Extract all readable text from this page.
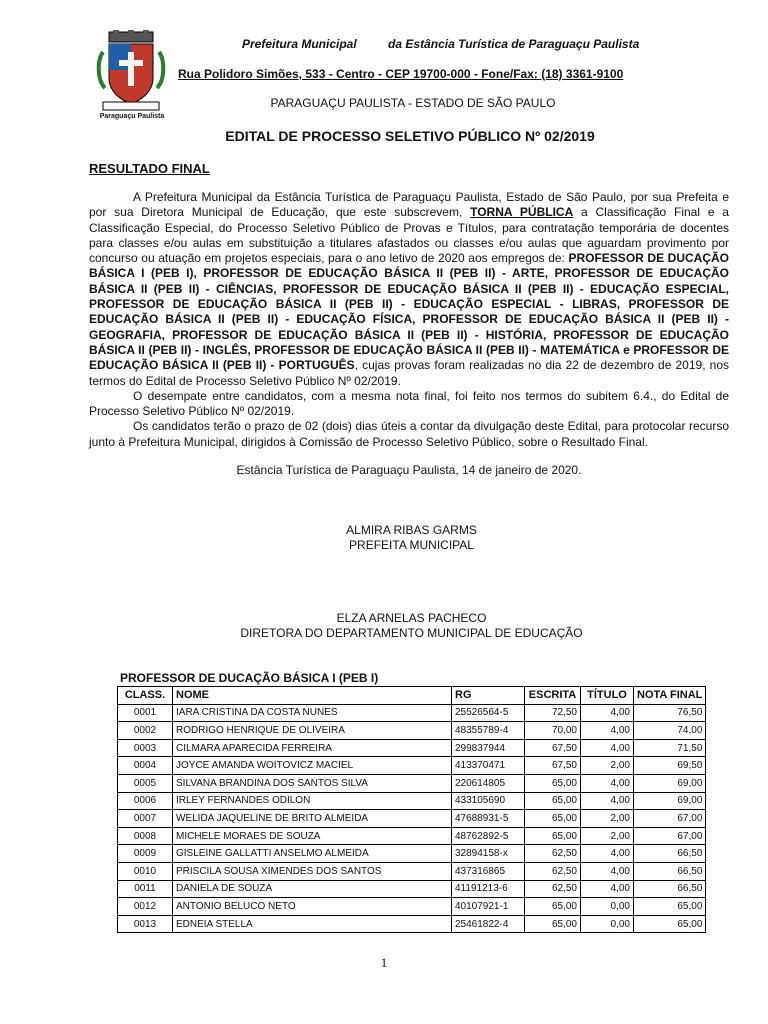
Paraguaçu Paulista
Prefeitura Municipal	da Estância Turística de Paraguaçu Paulista
Rua Polidoro Simões, 533 - Centro - CEP 19700-000 - Fone/Fax: (18) 3361-9100
PARAGUAÇU PAULISTA - ESTADO DE SÃO PAULO
EDITAL DE PROCESSO SELETIVO PÚBLICO Nº 02/2019
RESULTADO FINAL

A Prefeitura Municipal da Estância Turística de Paraguaçu Paulista, Estado de São Paulo, por sua Prefeita e por sua Diretora Municipal de Educação, que este subscrevem, TORNA PÚBLICA a Classificação Final e a Classificação Especial, do Processo Seletivo Público de Provas e Títulos, para contratação temporária de docentes para classes e/ou aulas em substituição a titulares afastados ou classes e/ou aulas que aguardam provimento por concurso ou atuação em projetos especiais, para o ano letivo de 2020 aos empregos de: PROFESSOR DE DUCAÇÃO BÁSICA I (PEB I), PROFESSOR DE EDUCAÇÃO BÁSICA II (PEB II) - ARTE, PROFESSOR DE EDUCAÇÃO BÁSICA II (PEB II) - CIÊNCIAS, PROFESSOR DE EDUCAÇÃO BÁSICA II (PEB II) - EDUCAÇÃO ESPECIAL, PROFESSOR DE EDUCAÇÃO BÁSICA II (PEB II) - EDUCAÇÃO ESPECIAL - LIBRAS, PROFESSOR DE EDUCAÇÃO BÁSICA II (PEB II) - EDUCAÇÃO FÍSICA, PROFESSOR DE EDUCAÇÃO BÁSICA II (PEB II) - GEOGRAFIA, PROFESSOR DE EDUCAÇÃO BÁSICA II (PEB II) - HISTÓRIA, PROFESSOR DE EDUCAÇÃO BÁSICA II (PEB II) - INGLÊS, PROFESSOR DE EDUCAÇÃO BÁSICA II (PEB II) - MATEMÁTICA e PROFESSOR DE EDUCAÇÃO BÁSICA II (PEB II) - PORTUGUÊS, cujas provas foram realizadas no dia 22 de dezembro de 2019, nos termos do Edital de Processo Seletivo Público Nº 02/2019.

O desempate entre candidatos, com a mesma nota final, foi feito nos termos do subitem 6.4., do Edital de Processo Seletivo Público Nº 02/2019.

Os candidatos terão o prazo de 02 (dois) dias úteis a contar da divulgação deste Edital, para protocolar recurso junto à Prefeitura Municipal, dirigidos à Comissão de Processo Seletivo Público, sobre o Resultado Final.

Estância Turística de Paraguaçu Paulista, 14 de janeiro de 2020.
ALMIRA RIBAS GARMS
PREFEITA MUNICIPAL
ELZA ARNELAS PACHECO
DIRETORA DO DEPARTAMENTO MUNICIPAL DE EDUCAÇÃO
PROFESSOR DE DUCAÇÃO BÁSICA I (PEB I)
CLASS.	NOME	RG	ESCRITA	TÍTULO	NOTA FINAL
0001	IARA CRISTINA DA COSTA NUNES	25526564-5	72,50	4,00	76,50
0002	RODRIGO HENRIQUE DE OLIVEIRA	48355789-4	70,00	4,00	74,00
0003	CILMARA APARECIDA FERREIRA	299837944	67,50	4,00	71,50
0004	JOYCE AMANDA WOITOVICZ MACIEL	413370471	67,50	2,00	69,50
0005	SILVANA BRANDINA DOS SANTOS SILVA	220614805	65,00	4,00	69,00
0006	IRLEY FERNANDES ODILON	433105690	65,00	4,00	69,00
0007	WELIDA JAQUELINE DE BRITO ALMEIDA	47688931-5	65,00	2,00	67,00
0008	MICHELE MORAES DE SOUZA	48762892-5	65,00	2,00	67,00
0009	GISLEINE GALLATTI ANSELMO ALMEIDA	32894158-x	62,50	4,00	66,50
0010	PRISCILA SOUSA XIMENDES DOS SANTOS	437316865	62,50	4,00	66,50
0011	DANIELA DE SOUZA	41191213-6	62,50	4,00	66,50
0012	ANTONIO BELUCO NETO	40107921-1	65,00	0,00	65,00
0013	EDNEIA STELLA	25461822-4	65,00	0,00	65,00
1
